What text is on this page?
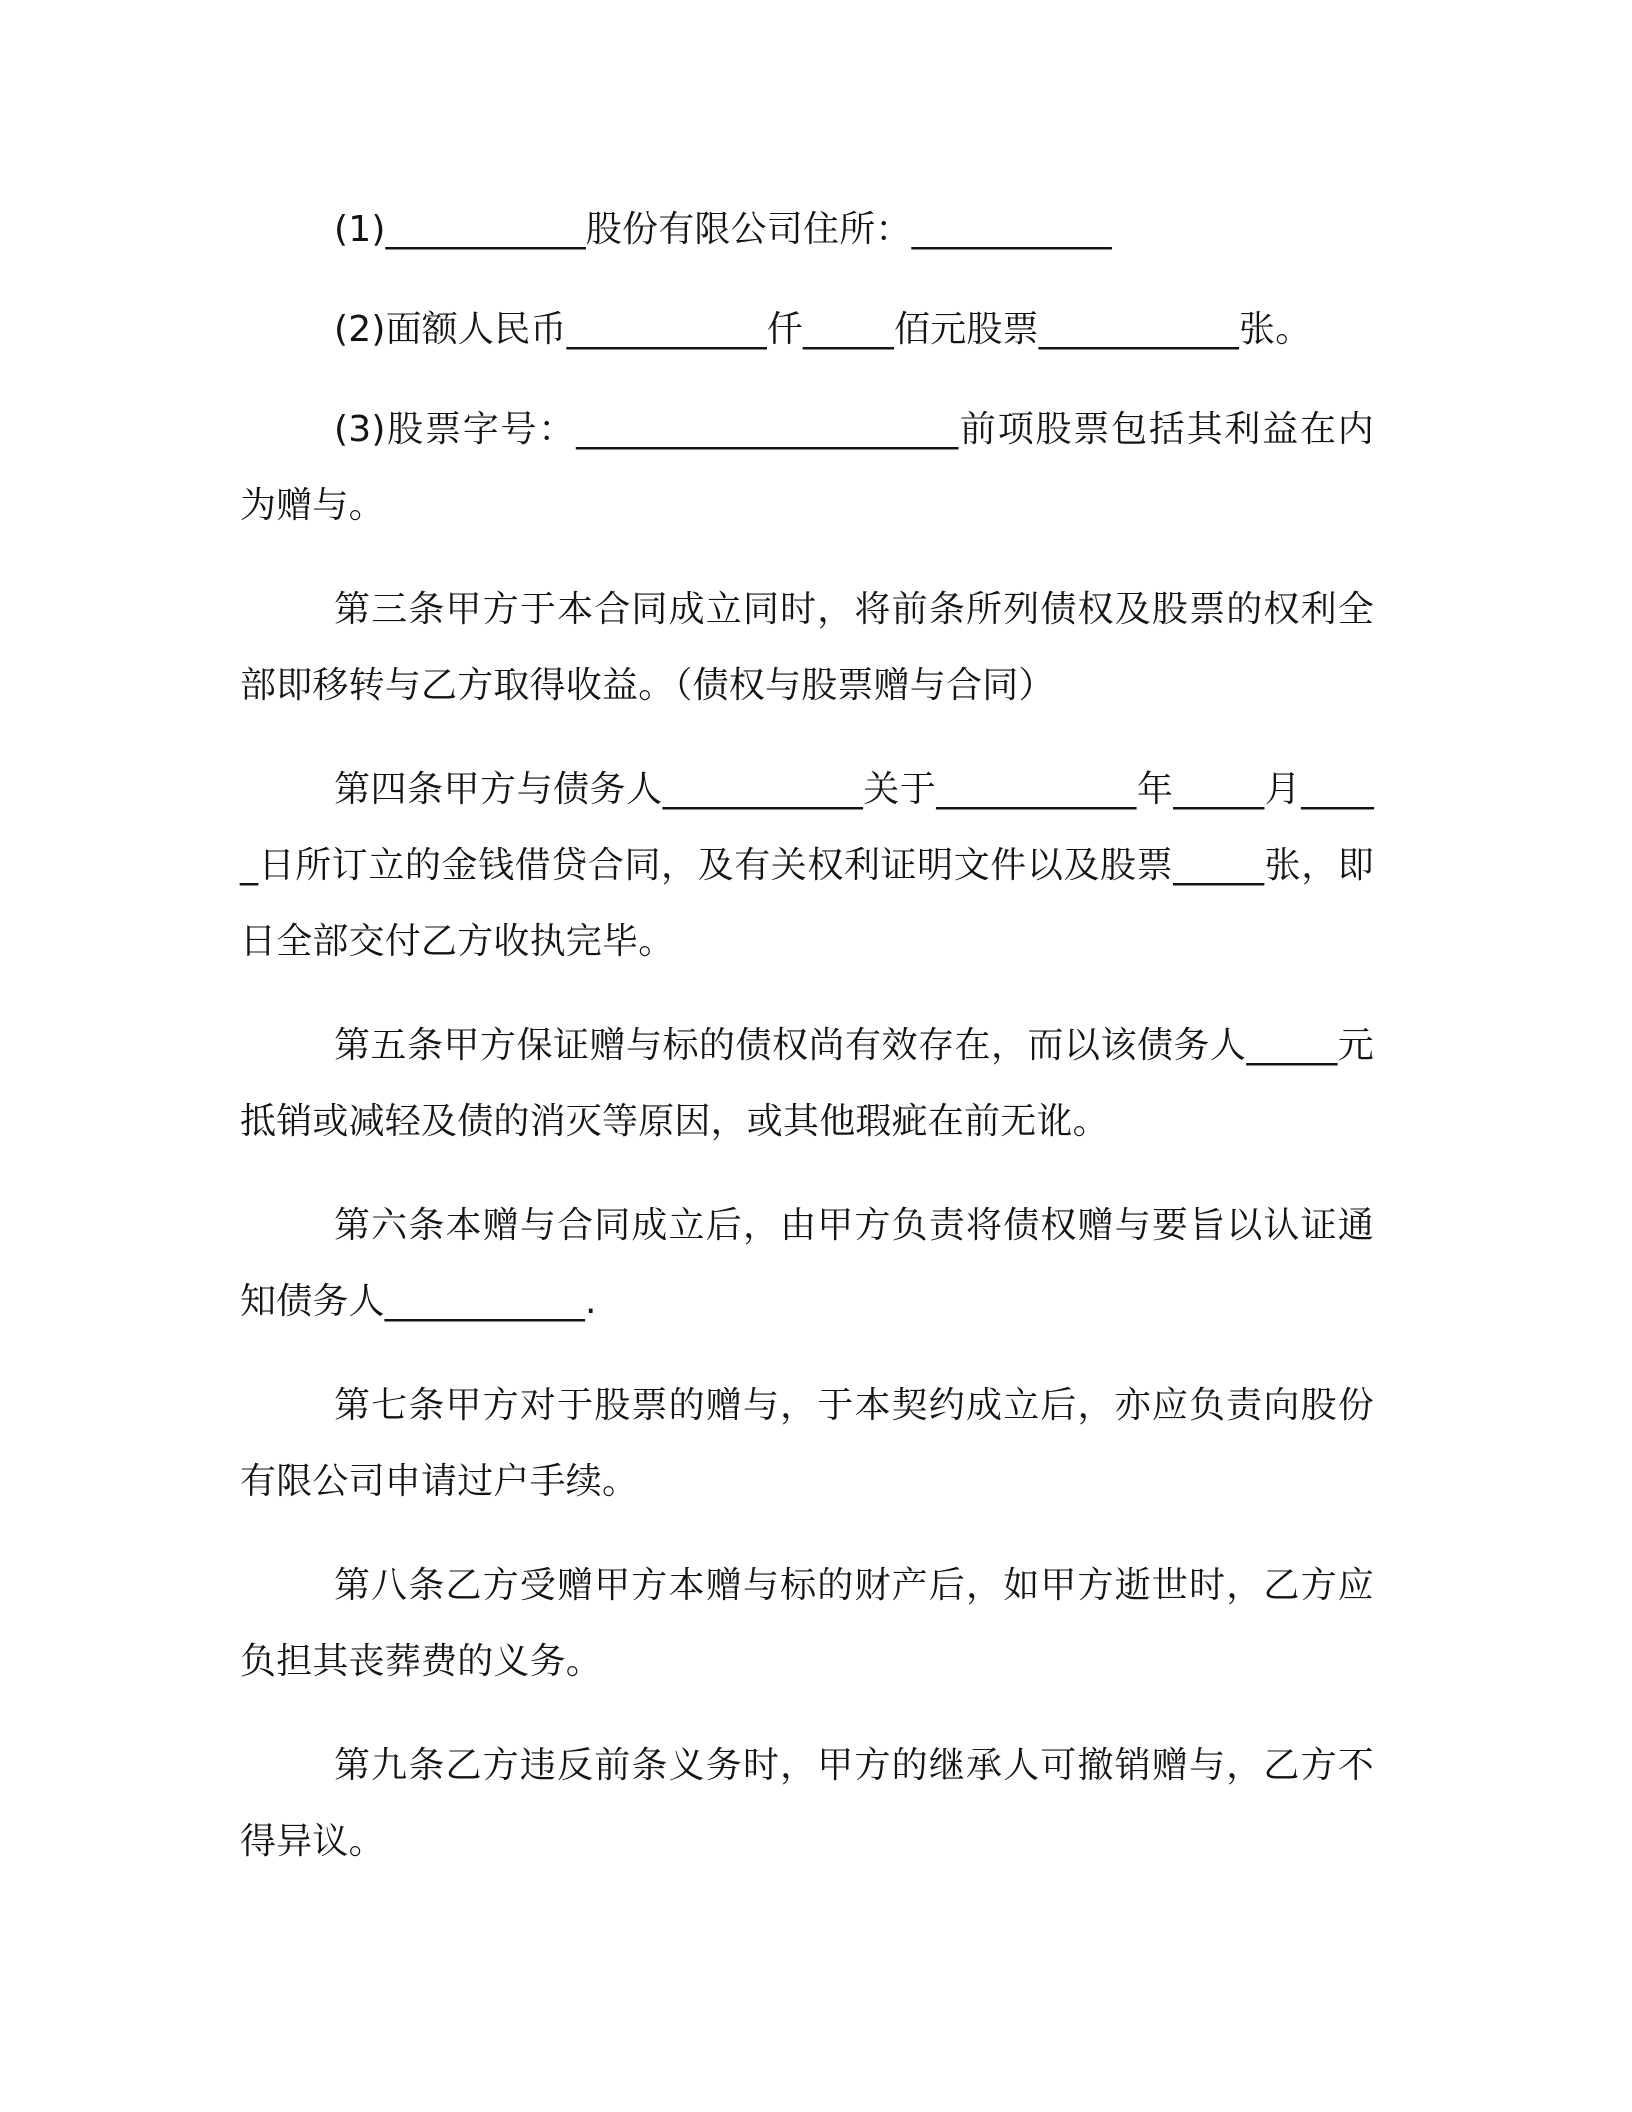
(1)___________股份有限公司住所：___________

(2)面额人民币___________仟_____佰元股票___________张。

(3)股票字号：_____________________前项股票包括其利益在内为赠与。

第三条甲方于本合同成立同时，将前条所列债权及股票的权利全部即移转与乙方取得收益。（债权与股票赠与合同）

第四条甲方与债务人___________关于___________年_____月_____日所订立的金钱借贷合同，及有关权利证明文件以及股票_____张，即日全部交付乙方收执完毕。

第五条甲方保证赠与标的债权尚有效存在，而以该债务人_____元抵销或减轻及债的消灭等原因，或其他瑕疵在前无讹。

第六条本赠与合同成立后，由甲方负责将债权赠与要旨以认证通知债务人___________.

第七条甲方对于股票的赠与，于本契约成立后，亦应负责向股份有限公司申请过户手续。

第八条乙方受赠甲方本赠与标的财产后，如甲方逝世时，乙方应负担其丧葬费的义务。

第九条乙方违反前条义务时，甲方的继承人可撤销赠与，乙方不得异议。
